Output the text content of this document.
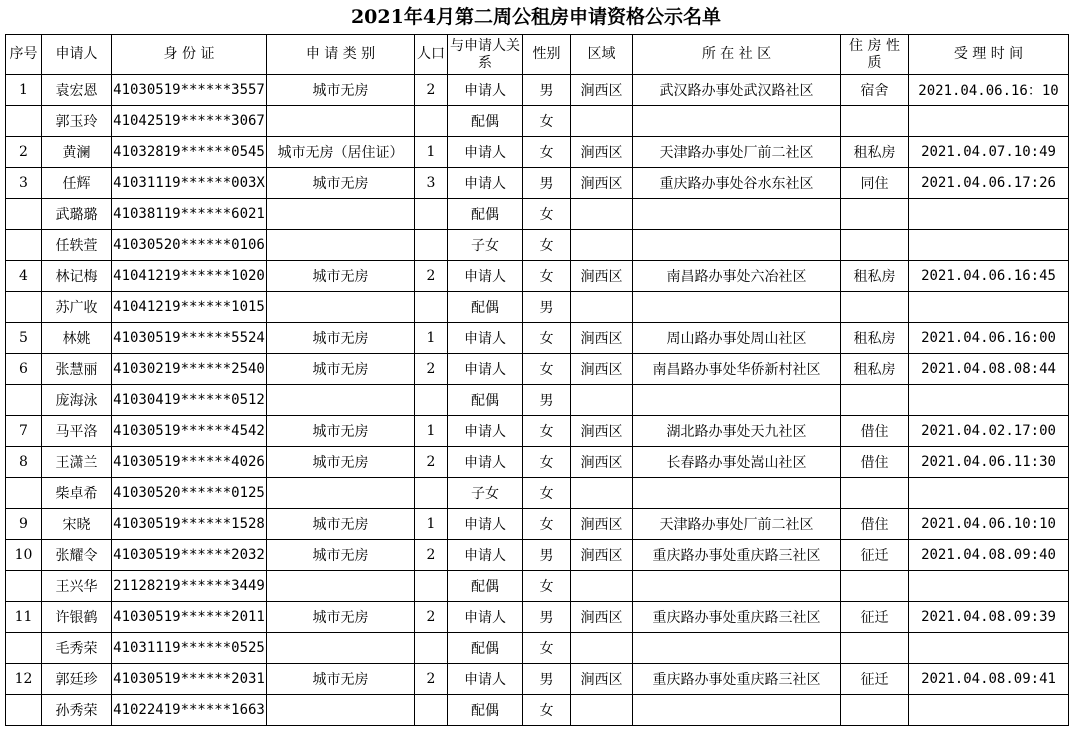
2021年4月第二周公租房申请资格公示名单
序号	申请人	身 份 证	申 请 类 别	人口	与申请人关 系	性别	区域	所 在 社 区	住 房 性 质	受 理 时 间
1	袁宏恩	41030519******3557	城市无房	2	申请人	男	涧西区	武汉路办事处武汉路社区	宿舍	2021.04.06.16：10
	郭玉玲	41042519******3067			配偶	女				
2	黄澜	41032819******0545	城市无房（居住证）	1	申请人	女	涧西区	天津路办事处厂前二社区	租私房	2021.04.07.10:49
3	任辉	41031119******003X	城市无房	3	申请人	男	涧西区	重庆路办事处谷水东社区	同住	2021.04.06.17:26
	武璐璐	41038119******6021			配偶	女				
	任轶萱	41030520******0106			子女	女				
4	林记梅	41041219******1020	城市无房	2	申请人	女	涧西区	南昌路办事处六冶社区	租私房	2021.04.06.16:45
	苏广收	41041219******1015			配偶	男				
5	林姚	41030519******5524	城市无房	1	申请人	女	涧西区	周山路办事处周山社区	租私房	2021.04.06.16:00
6	张慧丽	41030219******2540	城市无房	2	申请人	女	涧西区	南昌路办事处华侨新村社区	租私房	2021.04.08.08:44
	庞海泳	41030419******0512			配偶	男				
7	马平洛	41030519******4542	城市无房	1	申请人	女	涧西区	湖北路办事处天九社区	借住	2021.04.02.17:00
8	王潇兰	41030519******4026	城市无房	2	申请人	女	涧西区	长春路办事处嵩山社区	借住	2021.04.06.11:30
	柴卓希	41030520******0125			子女	女				
9	宋晓	41030519******1528	城市无房	1	申请人	女	涧西区	天津路办事处厂前二社区	借住	2021.04.06.10:10
10	张耀令	41030519******2032	城市无房	2	申请人	男	涧西区	重庆路办事处重庆路三社区	征迁	2021.04.08.09:40
	王兴华	21128219******3449			配偶	女				
11	许银鹤	41030519******2011	城市无房	2	申请人	男	涧西区	重庆路办事处重庆路三社区	征迁	2021.04.08.09:39
	毛秀荣	41031119******0525			配偶	女				
12	郭廷珍	41030519******2031	城市无房	2	申请人	男	涧西区	重庆路办事处重庆路三社区	征迁	2021.04.08.09:41
	孙秀荣	41022419******1663			配偶	女				
